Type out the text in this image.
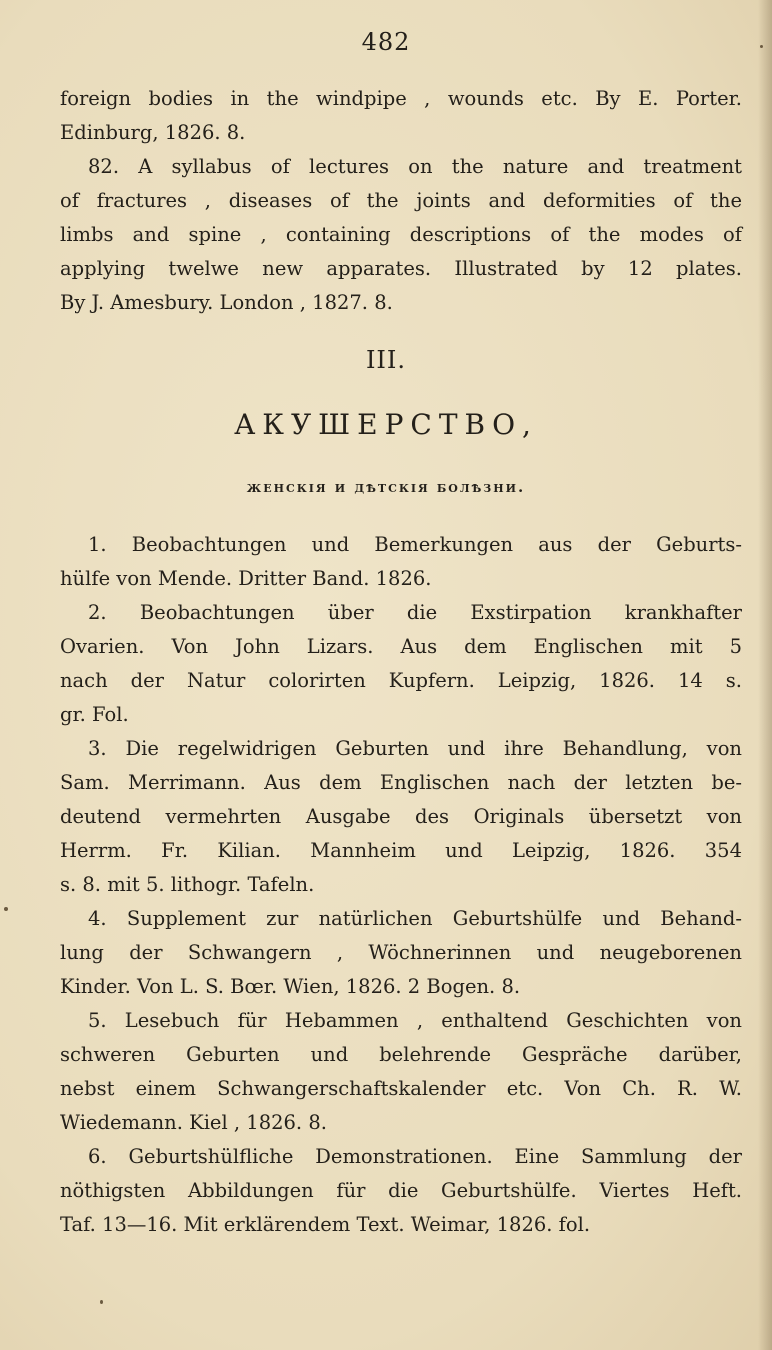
482
foreign bodies in the windpipe , wounds etc. By E. Porter.
Edinburg, 1826. 8.
82. A syllabus of lectures on the nature and treatment
of fractures , diseases of the joints and deformities of the
limbs and spine , containing descriptions of the modes of
applying twelwe new apparates. Illustrated by 12 plates.
By J. Amesbury. London , 1827. 8.
III.
АКУШЕРСТВО,
женскія и дѣтскія болѣзни.
1. Beobachtungen und Bemerkungen aus der Geburts-
hülfe von Mende. Dritter Band. 1826.
2. Beobachtungen über die Exstirpation krankhafter
Ovarien. Von John Lizars. Aus dem Englischen mit 5
nach der Natur colorirten Kupfern. Leipzig, 1826. 14 s.
gr. Fol.
3. Die regelwidrigen Geburten und ihre Behandlung, von
Sam. Merrimann. Aus dem Englischen nach der letzten be-
deutend vermehrten Ausgabe des Originals übersetzt von
Herrm. Fr. Kilian. Mannheim und Leipzig, 1826. 354
s. 8. mit 5. lithogr. Tafeln.
4. Supplement zur natürlichen Geburtshülfe und Behand-
lung der Schwangern , Wöchnerinnen und neugeborenen
Kinder. Von L. S. Bœr. Wien, 1826. 2 Bogen. 8.
5. Lesebuch für Hebammen , enthaltend Geschichten von
schweren Geburten und belehrende Gespräche darüber,
nebst einem Schwangerschaftskalender etc. Von Ch. R. W.
Wiedemann. Kiel , 1826. 8.
6. Geburtshülfliche Demonstrationen. Eine Sammlung der
nöthigsten Abbildungen für die Geburtshülfe. Viertes Heft.
Taf. 13—16. Mit erklärendem Text. Weimar, 1826. fol.
